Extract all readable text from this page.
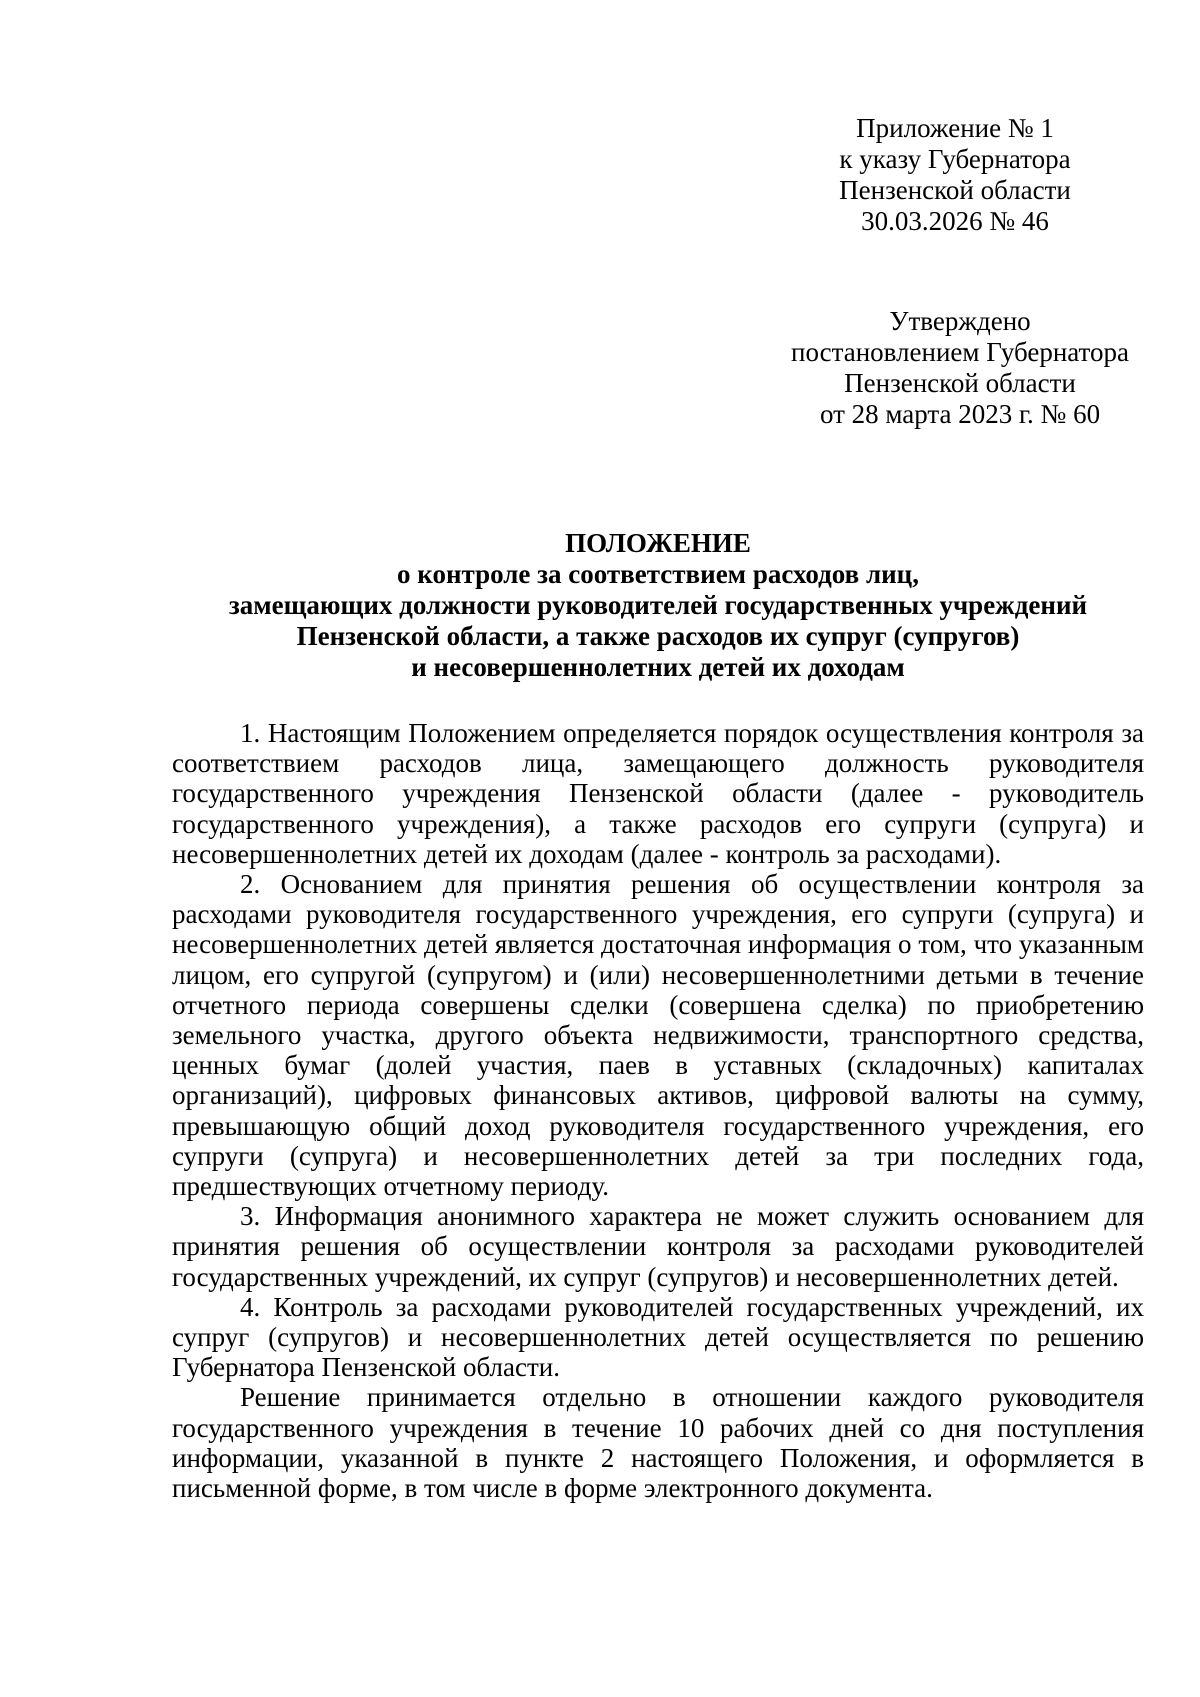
Приложение № 1
к указу Губернатора
Пензенской области
30.03.2026 № 46
Утверждено
постановлением Губернатора
Пензенской области
от 28 марта 2023 г. № 60
ПОЛОЖЕНИЕ
о контроле за соответствием расходов лиц,
замещающих должности руководителей государственных учреждений
Пензенской области, а также расходов их супруг (супругов)
и несовершеннолетних детей их доходам

1. Настоящим Положением определяется порядок осуществления контроля за соответствием расходов лица, замещающего должность руководителя государственного учреждения Пензенской области (далее - руководитель государственного учреждения), а также расходов его супруги (супруга) и несовершеннолетних детей их доходам (далее - контроль за расходами).

2. Основанием для принятия решения об осуществлении контроля за расходами руководителя государственного учреждения, его супруги (супруга) и несовершеннолетних детей является достаточная информация о том, что указанным лицом, его супругой (супругом) и (или) несовершеннолетними детьми в течение отчетного периода совершены сделки (совершена сделка) по приобретению земельного участка, другого объекта недвижимости, транспортного средства, ценных бумаг (долей участия, паев в уставных (складочных) капиталах организаций), цифровых финансовых активов, цифровой валюты на сумму, превышающую общий доход руководителя государственного учреждения, его супруги (супруга) и несовершеннолетних детей за три последних года, предшествующих отчетному периоду.

3. Информация анонимного характера не может служить основанием для принятия решения об осуществлении контроля за расходами руководителей государственных учреждений, их супруг (супругов) и несовершеннолетних детей.

4. Контроль за расходами руководителей государственных учреждений, их супруг (супругов) и несовершеннолетних детей осуществляется по решению Губернатора Пензенской области.

Решение принимается отдельно в отношении каждого руководителя государственного учреждения в течение 10 рабочих дней со дня поступления информации, указанной в пункте 2 настоящего Положения, и оформляется в письменной форме, в том числе в форме электронного документа.
